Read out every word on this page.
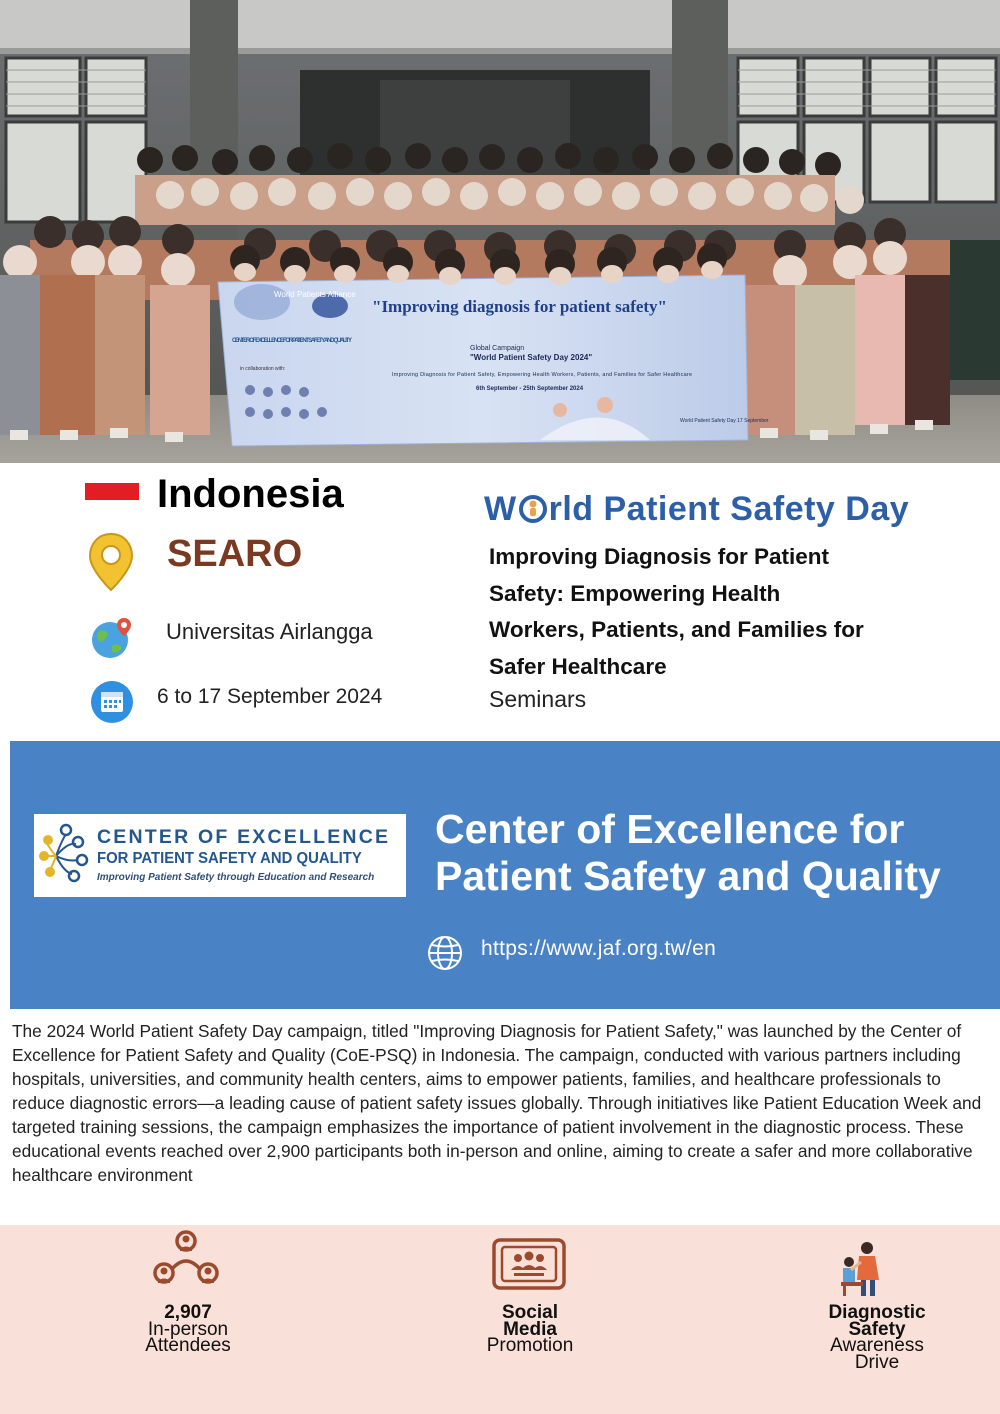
"Improving diagnosis for patient safety"
World Patients Alliance
Global Campaign
"World Patient Safety Day 2024"
Improving Diagnosis for Patient Safety, Empowering Health Workers, Patients, and Families for Safer Healthcare
6th September - 25th September 2024
CENTER OF EXCELLENCE FOR PATIENT SAFETY AND QUALITY
in collaboration with:
World Patient Safety Day 17 September
Indonesia
SEARO
Universitas Airlangga
6 to 17 September 2024
W rld Patient Safety Day
Improving Diagnosis for Patient
Safety: Empowering Health
Workers, Patients, and Families for
Safer Healthcare
Seminars
CENTER OF EXCELLENCE
FOR PATIENT SAFETY AND QUALITY
Improving Patient Safety through Education and Research
Center of Excellence for
Patient Safety and Quality
https://www.jaf.org.tw/en
The 2024 World Patient Safety Day campaign, titled "Improving Diagnosis for Patient Safety," was launched by the Center of Excellence for Patient Safety and Quality (CoE-PSQ) in Indonesia. The campaign, conducted with various partners including hospitals, universities, and community health centers, aims to empower patients, families, and healthcare professionals to reduce diagnostic errors—a leading cause of patient safety issues globally. Through initiatives like Patient Education Week and targeted training sessions, the campaign emphasizes the importance of patient involvement in the diagnostic process. These educational events reached over 2,900 participants both in-person and online, aiming to create a safer and more collaborative healthcare environment
2,907
In-person
Attendees
Social
Media
Promotion
Diagnostic
Safety
Awareness
Drive
